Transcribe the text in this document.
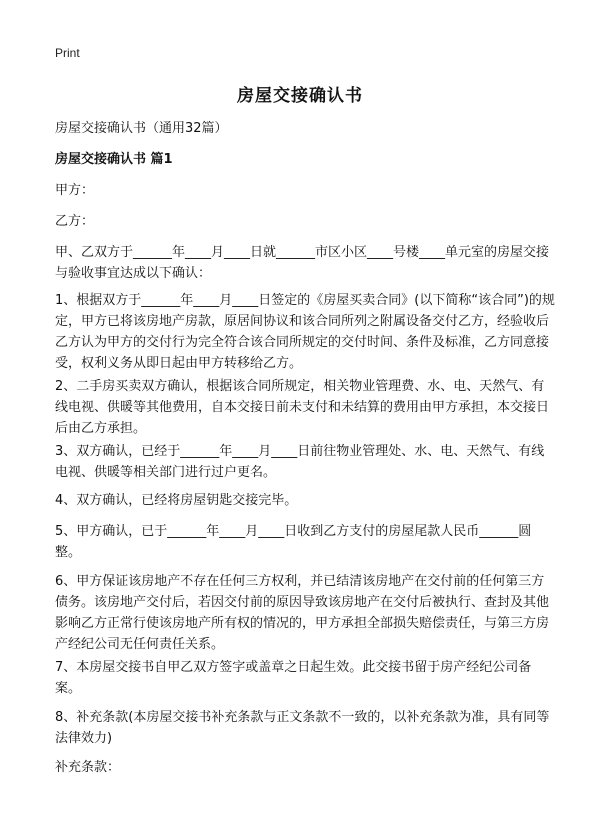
Print
房屋交接确认书
房屋交接确认书（通用32篇）
房屋交接确认书 篇1
甲方：
乙方：
甲、乙双方于______年____月____日就______市区小区____号楼____单元室的房屋交接与验收事宜达成以下确认：
1、根据双方于______年____月____日签定的《房屋买卖合同》(以下简称“该合同”)的规定，甲方已将该房地产房款，原居间协议和该合同所列之附属设备交付乙方，经验收后乙方认为甲方的交付行为完全符合该合同所规定的交付时间、条件及标准，乙方同意接受，权利义务从即日起由甲方转移给乙方。
2、二手房买卖双方确认，根据该合同所规定，相关物业管理费、水、电、天然气、有线电视、供暖等其他费用，自本交接日前未支付和未结算的费用由甲方承担，本交接日后由乙方承担。
3、双方确认，已经于______年____月____日前往物业管理处、水、电、天然气、有线电视、供暖等相关部门进行过户更名。
4、双方确认，已经将房屋钥匙交接完毕。
5、甲方确认，已于______年____月____日收到乙方支付的房屋尾款人民币______圆整。
6、甲方保证该房地产不存在任何三方权利，并已结清该房地产在交付前的任何第三方债务。该房地产交付后，若因交付前的原因导致该房地产在交付后被执行、查封及其他影响乙方正常行使该房地产所有权的情况的，甲方承担全部损失赔偿责任，与第三方房产经纪公司无任何责任关系。
7、本房屋交接书自甲乙双方签字或盖章之日起生效。此交接书留于房产经纪公司备案。
8、补充条款(本房屋交接书补充条款与正文条款不一致的，以补充条款为准，具有同等法律效力)
补充条款：
